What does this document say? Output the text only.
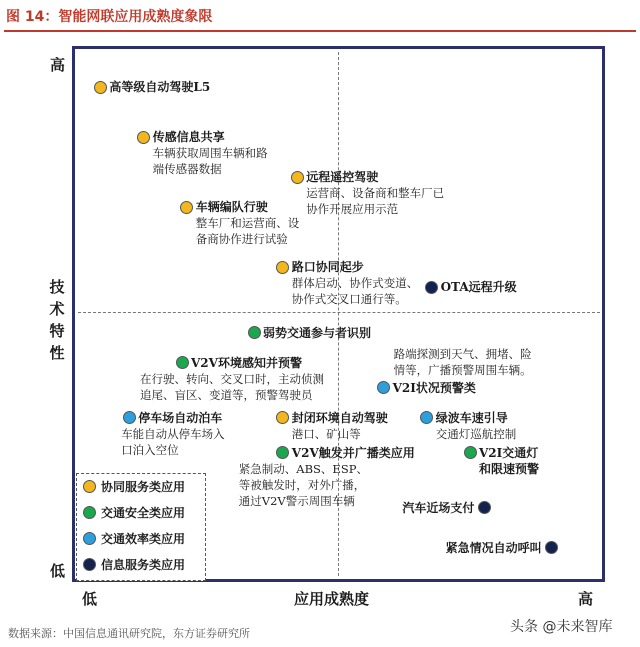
图 14：智能网联应用成熟度象限
高
低
技术特性
低	高
应用成熟度
高等级自动驾驶L5
传感信息共享
车辆获取周围车辆和路
端传感器数据
远程遥控驾驶
运营商、设备商和整车厂已
协作开展应用示范
车辆编队行驶
整车厂和运营商、设
备商协作进行试验
路口协同起步
群体启动、协作式变道、
协作式交叉口通行等。
OTA远程升级
弱势交通参与者识别
V2V环境感知并预警
在行驶、转向、交叉口时，主动侦测
追尾、盲区、变道等，预警驾驶员	V2I状况预警类
路端探测到天气、拥堵、险
情等，广播预警周围车辆。
停车场自动泊车
车能自动从停车场入
口泊入空位
封闭环境自动驾驶
港口、矿山等
绿波车速引导
交通灯巡航控制
V2V触发并广播类应用
紧急制动、ABS、ESP、
等被触发时，对外广播，
通过V2V警示周围车辆
V2I交通灯
和限速预警
汽车近场支付
紧急情况自动呼叫
协同服务类应用
交通安全类应用
交通效率类应用
信息服务类应用
数据来源：中国信息通讯研究院，东方证券研究所	头条 @未来智库
